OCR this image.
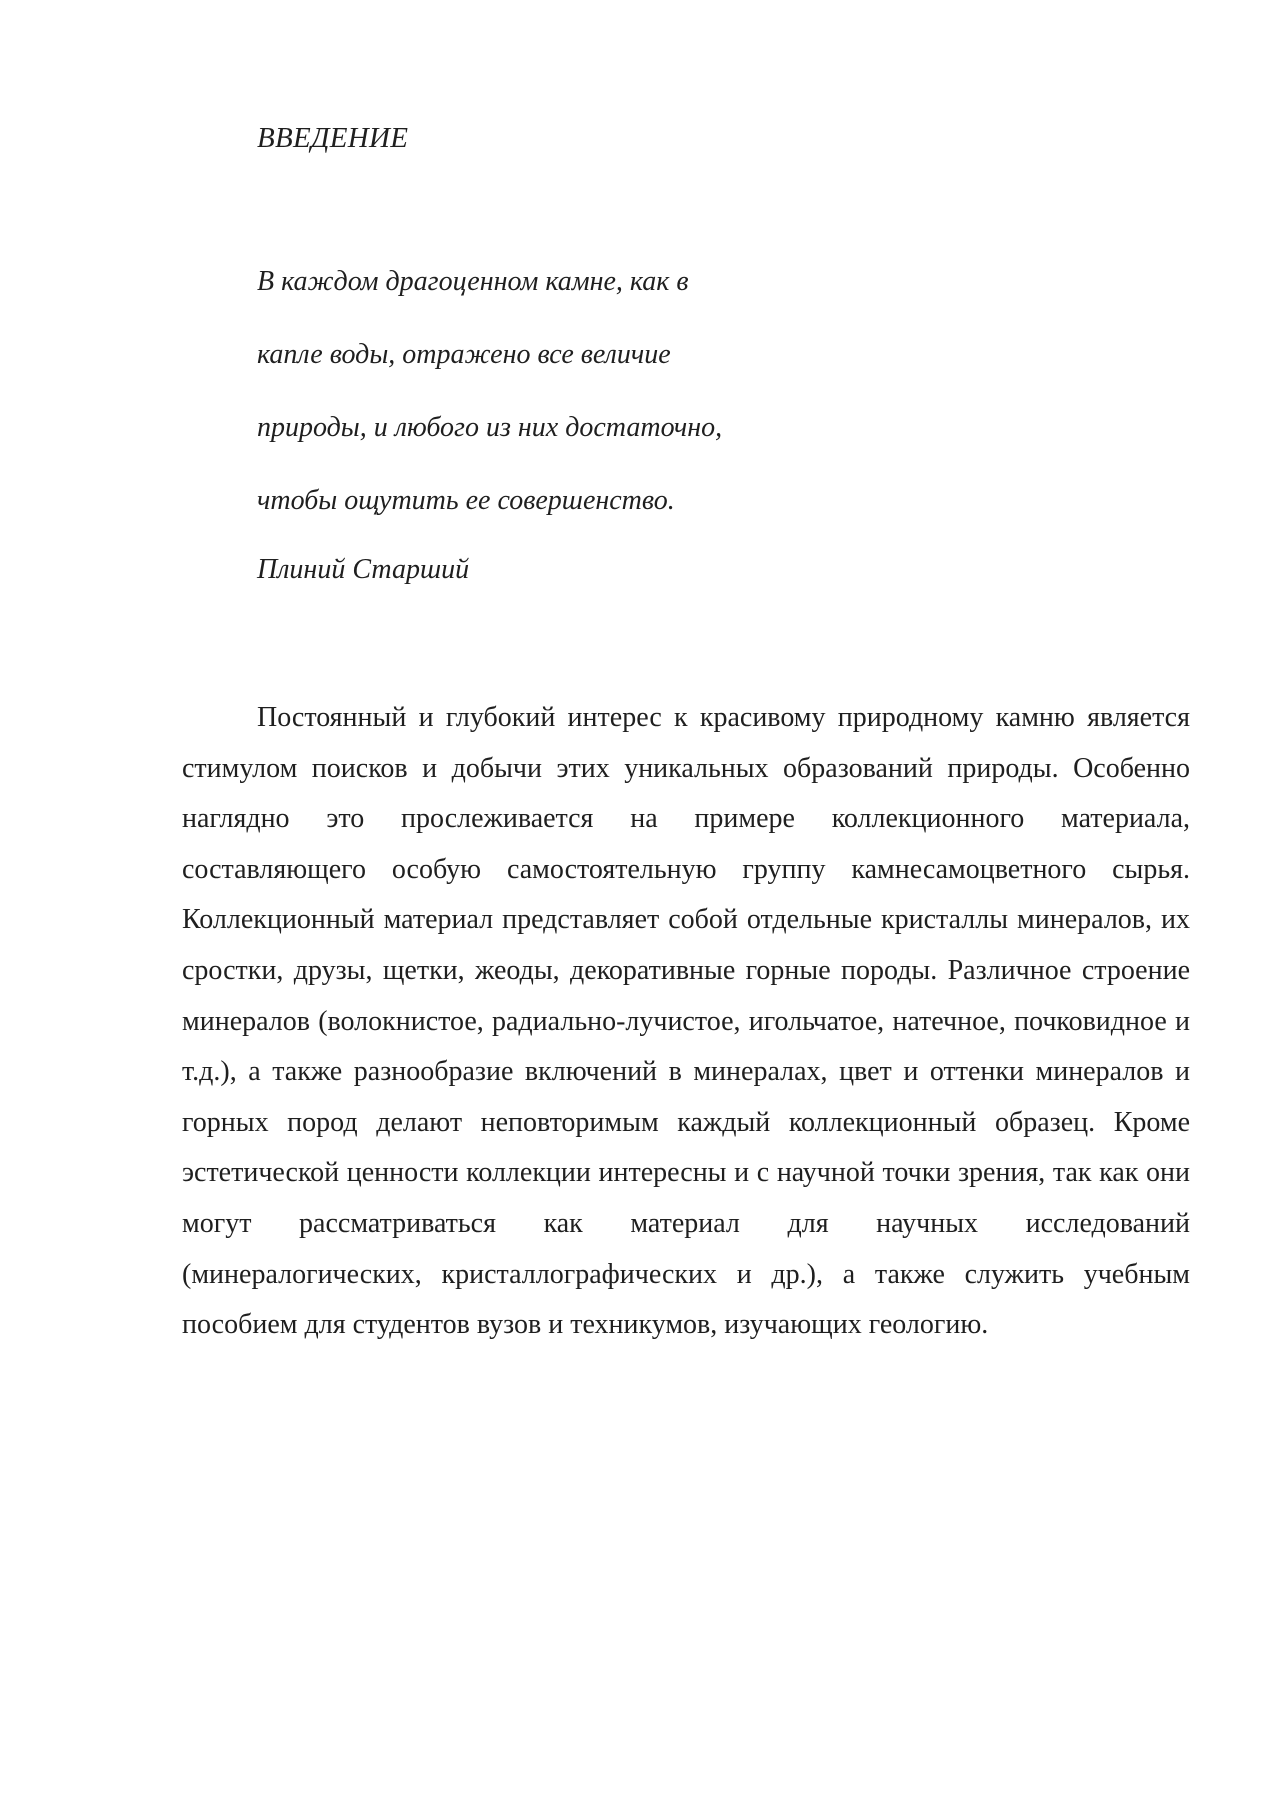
ВВЕДЕНИЕ
В каждом драгоценном камне, как в
капле воды, отражено все величие
природы, и любого из них достаточно,
чтобы ощутить ее совершенство.
Плиний Старший

Постоянный и глубокий интерес к красивому природному камню является стимулом поисков и добычи этих уникальных образований природы. Особенно наглядно это прослеживается на примере коллекционного материала, составляющего особую самостоятельную группу камнесамоцветного сырья. Коллекционный материал представляет собой отдельные кристаллы минералов, их сростки, друзы, щетки, жеоды, декоративные горные породы. Различное строение минералов (волокнистое, радиально-лучистое, игольчатое, натечное, почковидное и т.д.), а также разнообразие включений в минералах, цвет и оттенки минералов и горных пород делают неповторимым каждый коллекционный образец. Кроме эстетической ценности коллекции интересны и с научной точки зрения, так как они могут рассматриваться как материал для научных исследований (минералогических, кристаллографических и др.), а также служить учебным пособием для студентов вузов и техникумов, изучающих геологию.
